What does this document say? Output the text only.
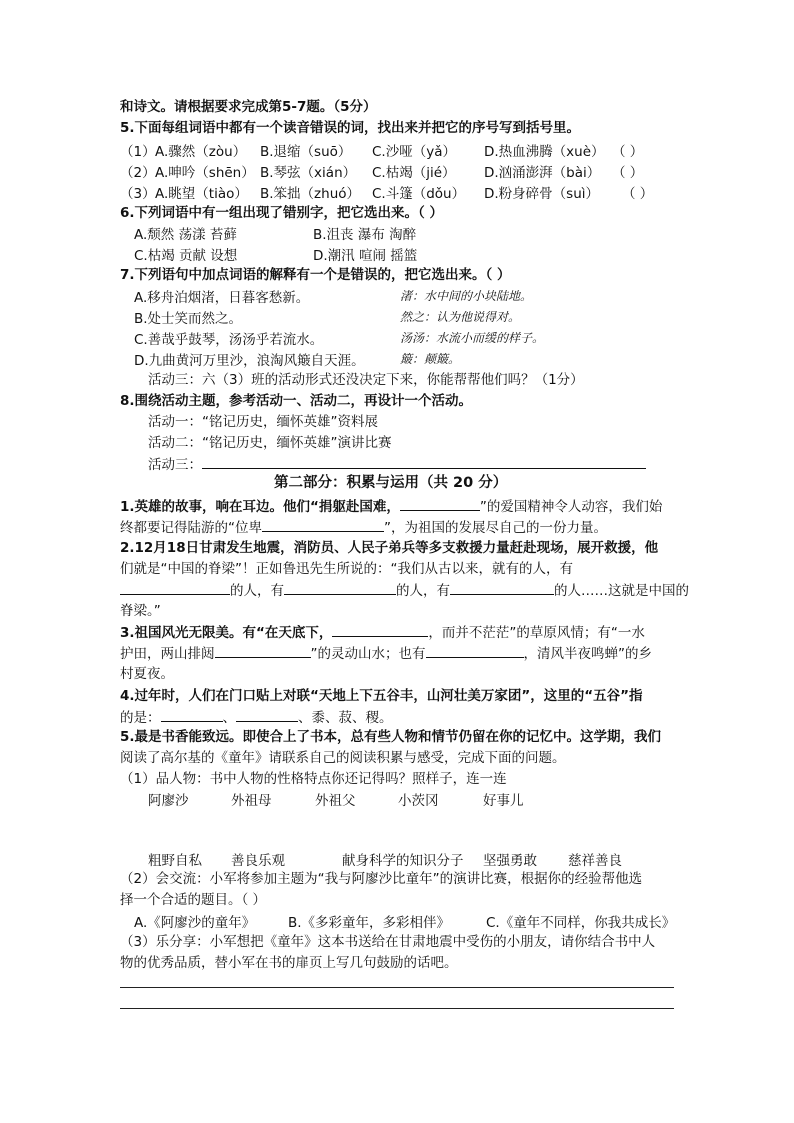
和诗文。请根据要求完成第5-7题。（5分）
5.下面每组词语中都有一个读音错误的词，找出来并把它的序号写到括号里。
（1） A.骤然（zòu） B.退缩（suō） C.沙哑（yǎ） D.热血沸腾（xuè） （ ）
（2） A.呻吟（shēn） B.琴弦（xián） C.枯竭（jié） D.汹涌澎湃（bài） （ ）
（3） A.眺望（tiào） B.笨拙（zhuó） C.斗篷（dǒu） D.粉身碎骨（suì） （ ）
6.下列词语中有一组出现了错别字，把它选出来。（ ）
A.颓然 荡漾 苔藓	B.沮丧 瀑布 淘醉
C.枯竭 贡献 设想	D.潮汛 喧闹 摇篮
7.下列语句中加点词语的解释有一个是错误的，把它选出来。（ ）
A.移舟泊烟渚，日暮客愁新。	渚：水中间的小块陆地。
B.处士笑而然之。	然之：认为他说得对。
C.善哉乎鼓琴，汤汤乎若流水。	汤汤：水流小而缓的样子。
D.九曲黄河万里沙，浪淘风簸自天涯。	簸：颠簸。
活动三：六（3）班的活动形式还没决定下来，你能帮帮他们吗？（1分）
8.围绕活动主题，参考活动一、活动二，再设计一个活动。
活动一：“铭记历史，缅怀英雄”资料展
活动二：“铭记历史，缅怀英雄”演讲比赛
活动三：
第二部分：积累与运用（共 20 分）
1.英雄的故事，响在耳边。他们“捐躯赴国难，	”的爱国精神令人动容，我们始
终都要记得陆游的“位卑	”，为祖国的发展尽自己的一份力量。
2.12月18日甘肃发生地震，消防员、人民子弟兵等多支救援力量赶赴现场，展开救援，他
们就是“中国的脊梁”！正如鲁迅先生所说的：“我们从古以来，就有的人，有
的人，有	的人，有	的人……这就是中国的
脊梁。”
3.祖国风光无限美。有“在天底下，	，而并不茫茫”的草原风情；有“一水
护田，两山排闼	”的灵动山水；也有	，清风半夜鸣蝉”的乡
村夏夜。
4.过年时，人们在门口贴上对联“天地上下五谷丰，山河壮美万家团”，这里的“五谷”指
的是：	、	、黍、菽、稷。
5.最是书香能致远。即使合上了书本，总有些人物和情节仍留在你的记忆中。这学期，我们
阅读了高尔基的《童年》请联系自己的阅读积累与感受，完成下面的问题。
（1）品人物：书中人物的性格特点你还记得吗？照样子，连一连
阿廖沙	外祖母	外祖父	小茨冈	好事儿
粗野自私 善良乐观	献身科学的知识分子 坚强勇敢 慈祥善良
（2）会交流：小军将参加主题为“我与阿廖沙比童年”的演讲比赛，根据你的经验帮他选
择一个合适的题目。（ ）
A.《阿廖沙的童年》 B.《多彩童年，多彩相伴》	C.《童年不同样，你我共成长》
（3）乐分享：小军想把《童年》这本书送给在甘肃地震中受伤的小朋友，请你结合书中人
物的优秀品质，替小军在书的扉页上写几句鼓励的话吧。
